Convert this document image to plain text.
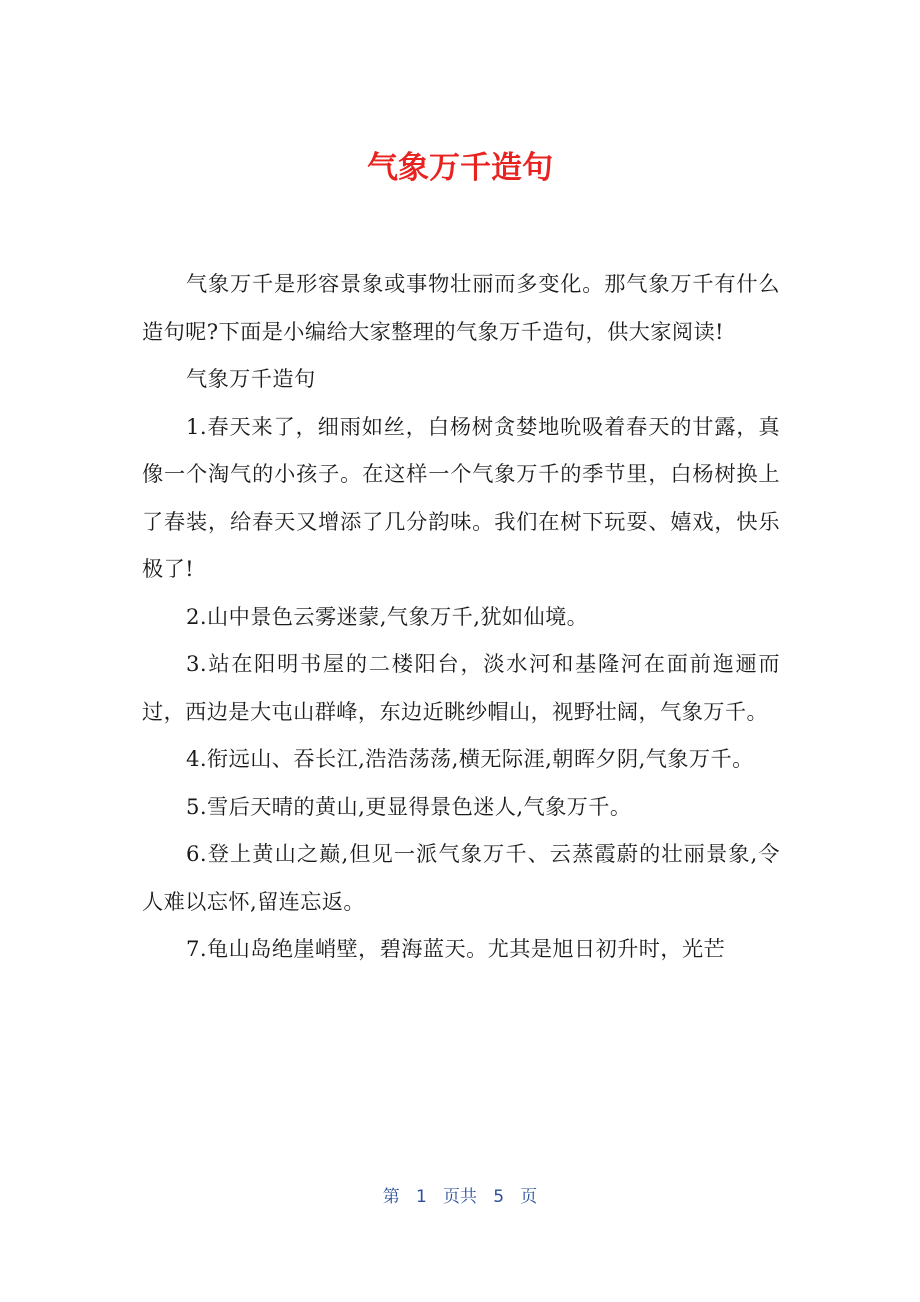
气象万千造句

气象万千是形容景象或事物壮丽而多变化。那气象万千有什么造句呢?下面是小编给大家整理的气象万千造句，供大家阅读!

气象万千造句

1.春天来了，细雨如丝，白杨树贪婪地吮吸着春天的甘露，真像一个淘气的小孩子。在这样一个气象万千的季节里，白杨树换上了春装，给春天又增添了几分韵味。我们在树下玩耍、嬉戏，快乐极了!

2.山中景色云雾迷蒙,气象万千,犹如仙境。

3.站在阳明书屋的二楼阳台，淡水河和基隆河在面前迤逦而过，西边是大屯山群峰，东边近眺纱帽山，视野壮阔，气象万千。

4.衔远山、吞长江,浩浩荡荡,横无际涯,朝晖夕阴,气象万千。

5.雪后天晴的黄山,更显得景色迷人,气象万千。

6.登上黄山之巅,但见一派气象万千、云蒸霞蔚的壮丽景象,令人难以忘怀,留连忘返。

7.龟山岛绝崖峭壁，碧海蓝天。尤其是旭日初升时，光芒

第 1 页共 5 页
